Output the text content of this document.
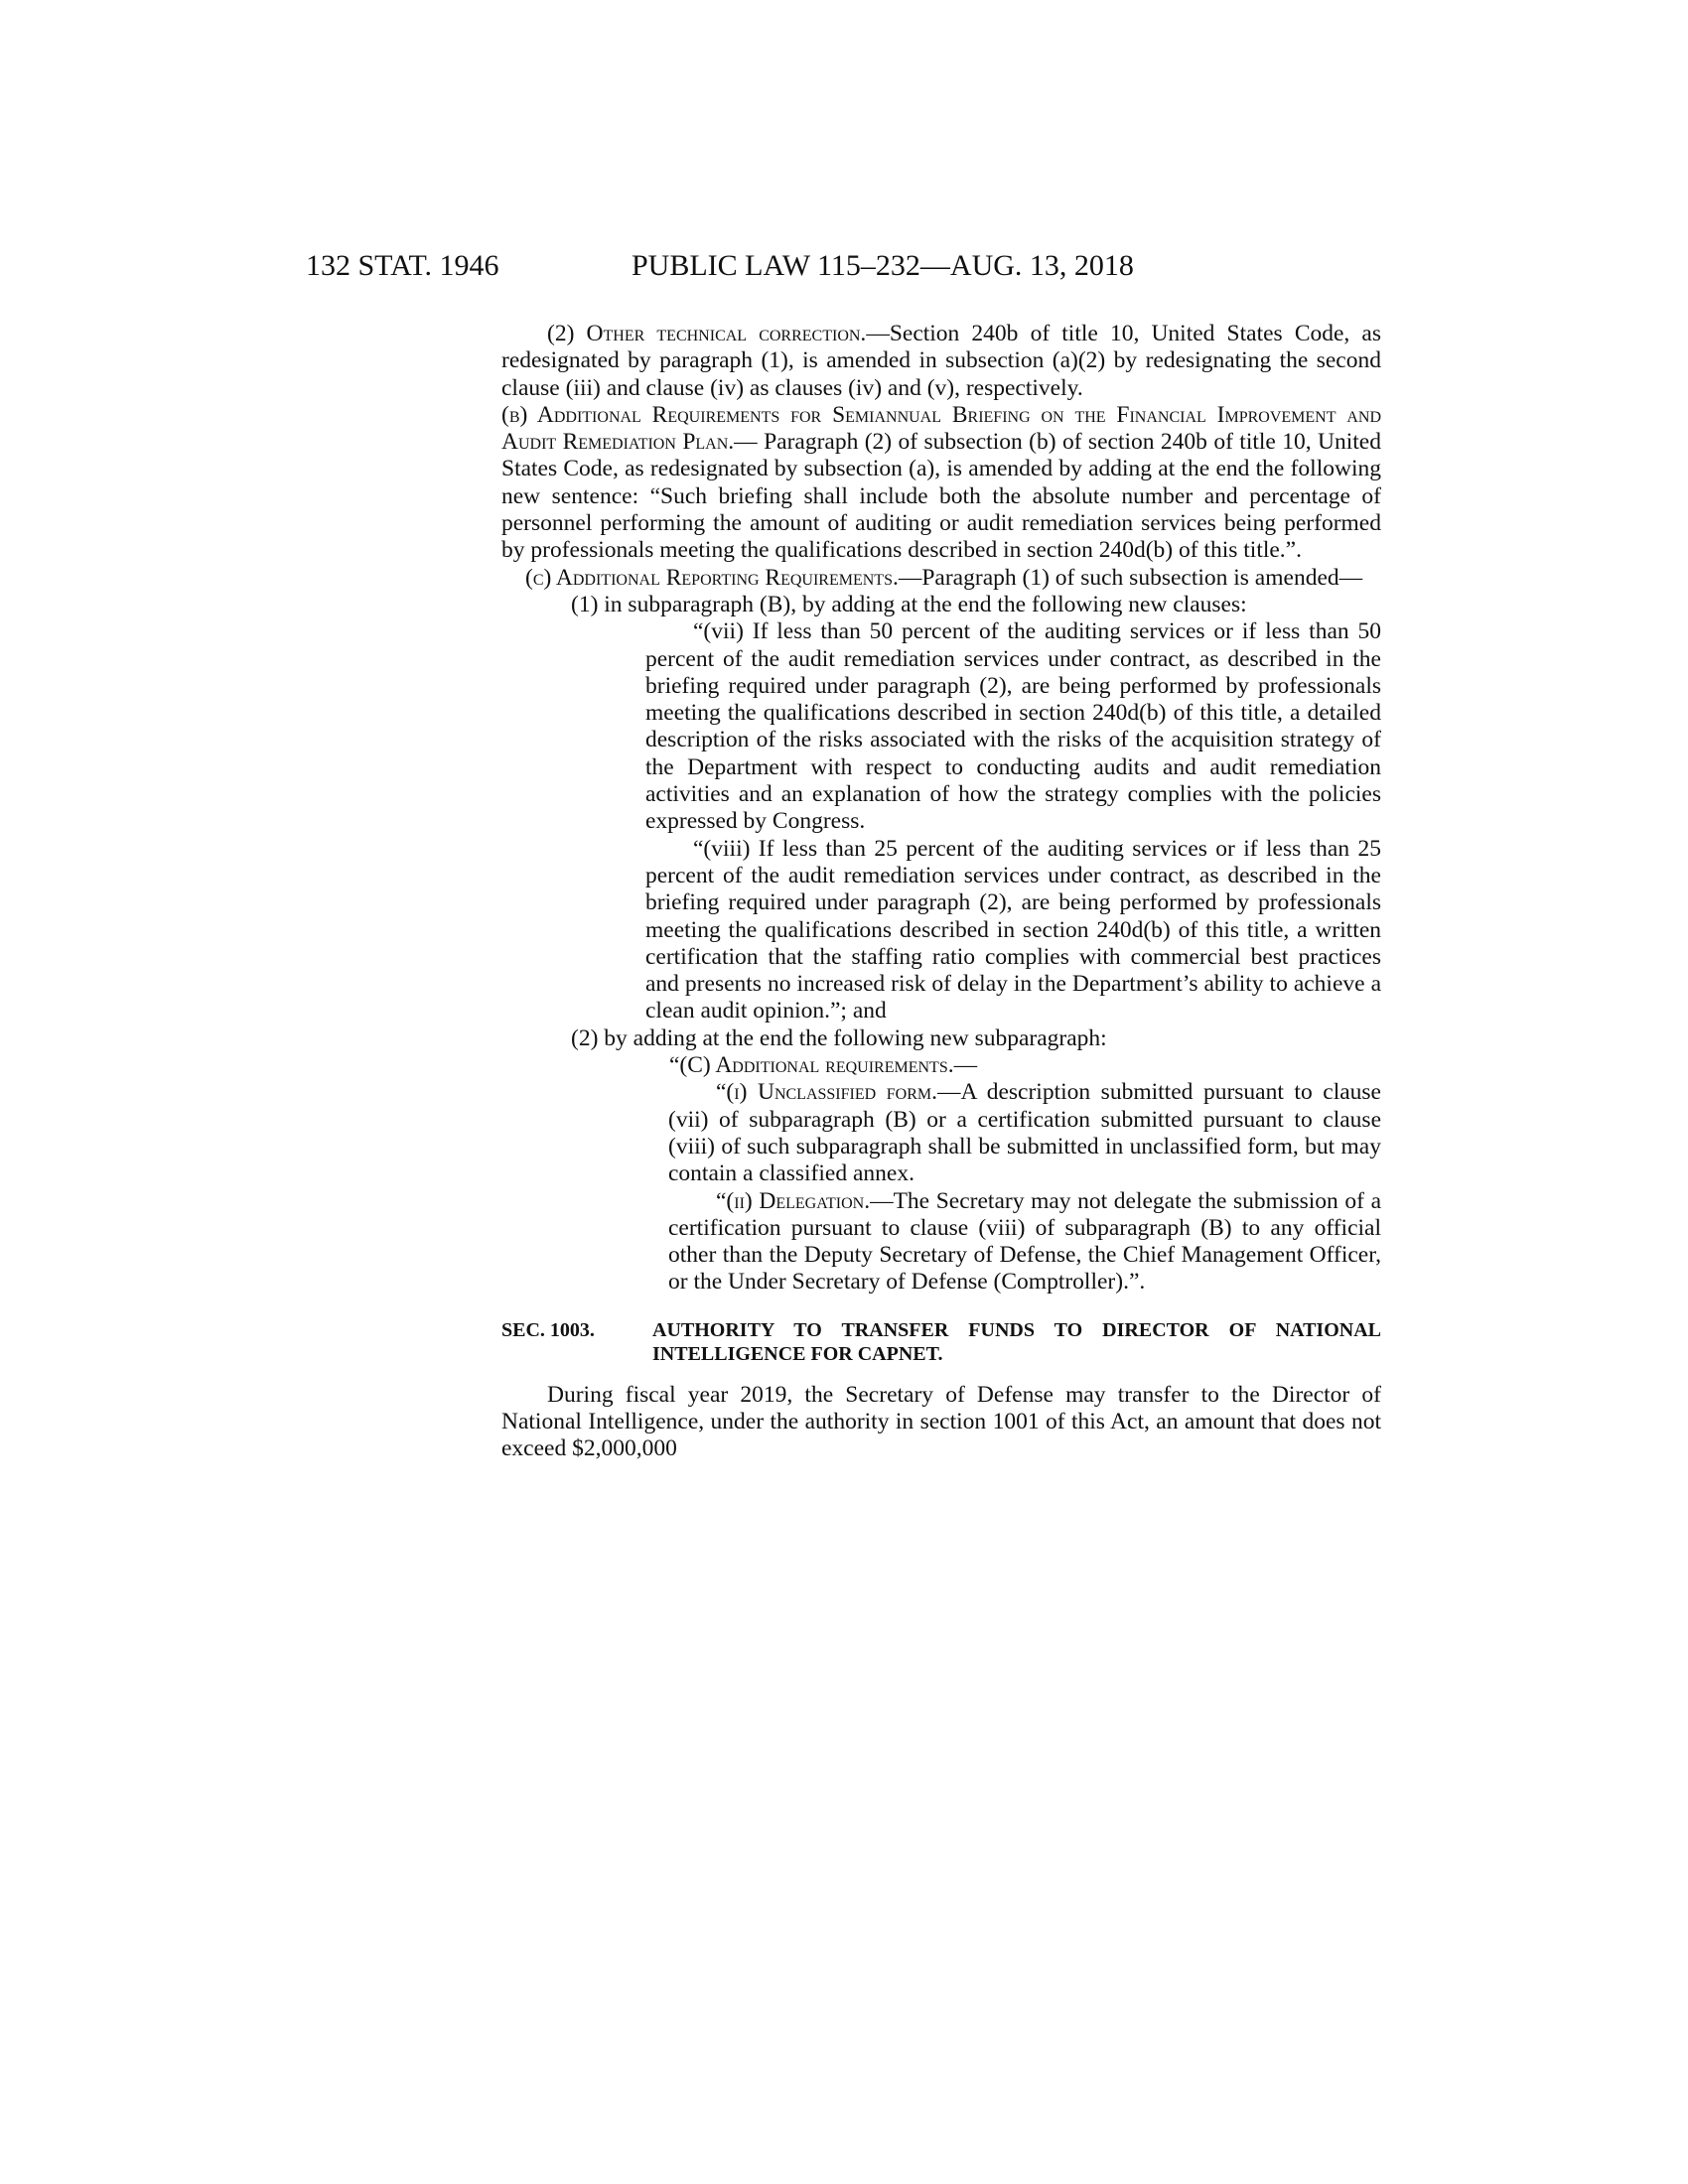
132 STAT. 1946	PUBLIC LAW 115–232—AUG. 13, 2018

(2) Other technical correction.—Section 240b of title 10, United States Code, as redesignated by paragraph (1), is amended in subsection (a)(2) by redesignating the second clause (iii) and clause (iv) as clauses (iv) and (v), respectively.

(b) Additional Requirements for Semiannual Briefing on the Financial Improvement and Audit Remediation Plan.— Paragraph (2) of subsection (b) of section 240b of title 10, United States Code, as redesignated by subsection (a), is amended by adding at the end the following new sentence: “Such briefing shall include both the absolute number and percentage of personnel performing the amount of auditing or audit remediation services being performed by professionals meeting the qualifications described in section 240d(b) of this title.”.

(c) Additional Reporting Requirements.—Paragraph (1) of such subsection is amended—

(1) in subparagraph (B), by adding at the end the following new clauses:

“(vii) If less than 50 percent of the auditing services or if less than 50 percent of the audit remediation services under contract, as described in the briefing required under paragraph (2), are being performed by professionals meeting the qualifications described in section 240d(b) of this title, a detailed description of the risks associated with the risks of the acquisition strategy of the Department with respect to conducting audits and audit remediation activities and an explanation of how the strategy complies with the policies expressed by Congress.

“(viii) If less than 25 percent of the auditing services or if less than 25 percent of the audit remediation services under contract, as described in the briefing required under paragraph (2), are being performed by professionals meeting the qualifications described in section 240d(b) of this title, a written certification that the staffing ratio complies with commercial best practices and presents no increased risk of delay in the Department’s ability to achieve a clean audit opinion.”; and

(2) by adding at the end the following new subparagraph:

“(C) Additional requirements.—

“(i) Unclassified form.—A description submitted pursuant to clause (vii) of subparagraph (B) or a certification submitted pursuant to clause (viii) of such subparagraph shall be submitted in unclassified form, but may contain a classified annex.

“(ii) Delegation.—The Secretary may not delegate the submission of a certification pursuant to clause (viii) of subparagraph (B) to any official other than the Deputy Secretary of Defense, the Chief Management Officer, or the Under Secretary of Defense (Comptroller).”.

SEC. 1003.	AUTHORITY TO TRANSFER FUNDS TO DIRECTOR OF NATIONAL INTELLIGENCE FOR CAPNET.

During fiscal year 2019, the Secretary of Defense may transfer to the Director of National Intelligence, under the authority in section 1001 of this Act, an amount that does not exceed $2,000,000
